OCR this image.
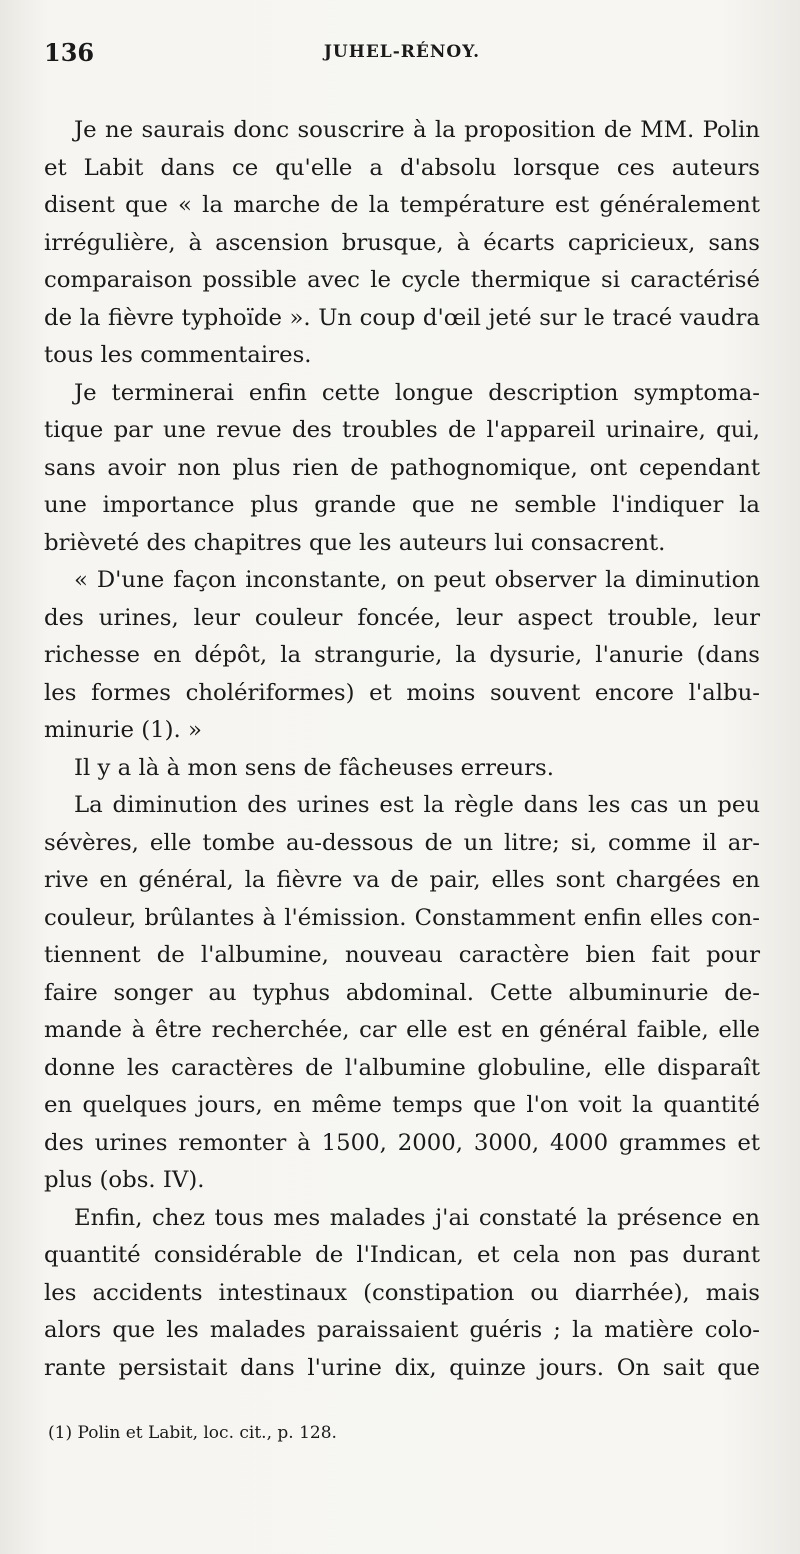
136	JUHEL-RÉNOY.
Je ne saurais donc souscrire à la proposition de MM. Polin
et Labit dans ce qu'elle a d'absolu lorsque ces auteurs
disent que « la marche de la température est généralement
irrégulière, à ascension brusque, à écarts capricieux, sans
comparaison possible avec le cycle thermique si caractérisé
de la fièvre typhoïde ». Un coup d'œil jeté sur le tracé vaudra
tous les commentaires.
Je terminerai enfin cette longue description symptoma-
tique par une revue des troubles de l'appareil urinaire, qui,
sans avoir non plus rien de pathognomique, ont cependant
une importance plus grande que ne semble l'indiquer la
brièveté des chapitres que les auteurs lui consacrent.
« D'une façon inconstante, on peut observer la diminution
des urines, leur couleur foncée, leur aspect trouble, leur
richesse en dépôt, la strangurie, la dysurie, l'anurie (dans
les formes cholériformes) et moins souvent encore l'albu-
minurie (1). »
Il y a là à mon sens de fâcheuses erreurs.
La diminution des urines est la règle dans les cas un peu
sévères, elle tombe au-dessous de un litre; si, comme il ar-
rive en général, la fièvre va de pair, elles sont chargées en
couleur, brûlantes à l'émission. Constamment enfin elles con-
tiennent de l'albumine, nouveau caractère bien fait pour
faire songer au typhus abdominal. Cette albuminurie de-
mande à être recherchée, car elle est en général faible, elle
donne les caractères de l'albumine globuline, elle disparaît
en quelques jours, en même temps que l'on voit la quantité
des urines remonter à 1500, 2000, 3000, 4000 grammes et
plus (obs. IV).
Enfin, chez tous mes malades j'ai constaté la présence en
quantité considérable de l'Indican, et cela non pas durant
les accidents intestinaux (constipation ou diarrhée), mais
alors que les malades paraissaient guéris ; la matière colo-
rante persistait dans l'urine dix, quinze jours. On sait que
(1) Polin et Labit, loc. cit., p. 128.
